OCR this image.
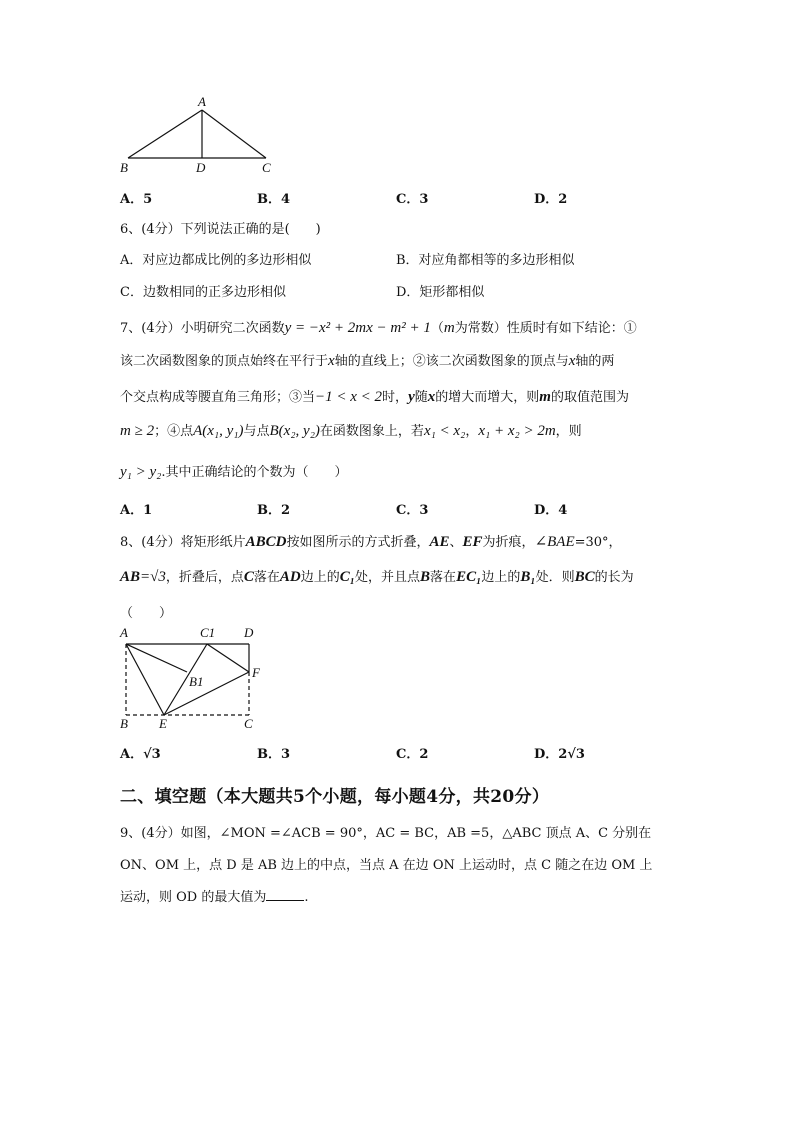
A
B	D	C
A．5	B．4	C．3	D．2
6、(4分）下列说法正确的是(　　)
A．对应边都成比例的多边形相似	B．对应角都相等的多边形相似
C．边数相同的正多边形相似	D．矩形都相似
7、(4分）小明研究二次函数y = −x² + 2mx − m² + 1（m为常数）性质时有如下结论：①
该二次函数图象的顶点始终在平行于x轴的直线上；②该二次函数图象的顶点与x轴的两
个交点构成等腰直角三角形；③当−1 < x < 2时，y随x的增大而增大，则m的取值范围为
m ≥ 2；④点A(x₁, y₁)与点B(x₂, y₂)在函数图象上，若x₁ < x₂，x₁ + x₂ > 2m，则
y₁ > y₂.其中正确结论的个数为（　　）
A．1	B．2	C．3	D．4
8、(4分）将矩形纸片ABCD按如图所示的方式折叠，AE、EF为折痕，∠BAE=30°，
AB=√3，折叠后，点C落在AD边上的C₁处，并且点B落在EC₁边上的B₁处．则BC的长为
（　　）
A	C1 D
B1
F
B E	C
A．√3	B．3	C．2	D．2√3
二、填空题（本大题共5个小题，每小题4分，共20分）
9、(4分）如图，∠MON =∠ACB = 90°，AC = BC，AB =5，△ABC 顶点 A、C 分别在
ON、OM 上，点 D 是 AB 边上的中点，当点 A 在边 ON 上运动时，点 C 随之在边 OM 上
运动，则 OD 的最大值为	.
